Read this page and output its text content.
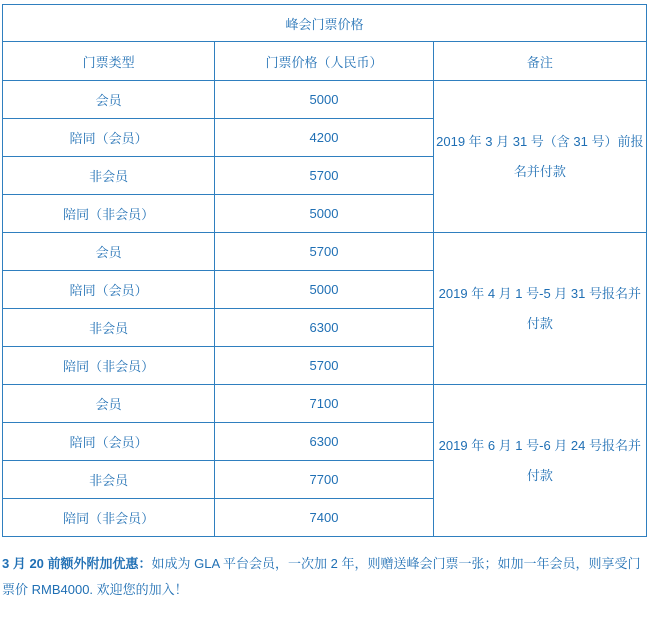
峰会门票价格		
门票类型	门票价格（人民币）	备注
会员	5000	2019 年 3 月 31 号（含 31 号）前报名并付款
陪同（会员）	4200	
非会员	5700	
陪同（非会员）	5000	
会员	5700	2019 年 4 月 1 号-5 月 31 号报名并付款
陪同（会员）	5000	
非会员	6300	
陪同（非会员）	5700	
会员	7100	2019 年 6 月 1 号-6 月 24 号报名并付款
陪同（会员）	6300	
非会员	7700	
陪同（非会员）	7400	
3 月 20 前额外附加优惠：如成为 GLA 平台会员，一次加 2 年，则赠送峰会门票一张；如加一年会员，则享受门票价 RMB4000. 欢迎您的加入！
